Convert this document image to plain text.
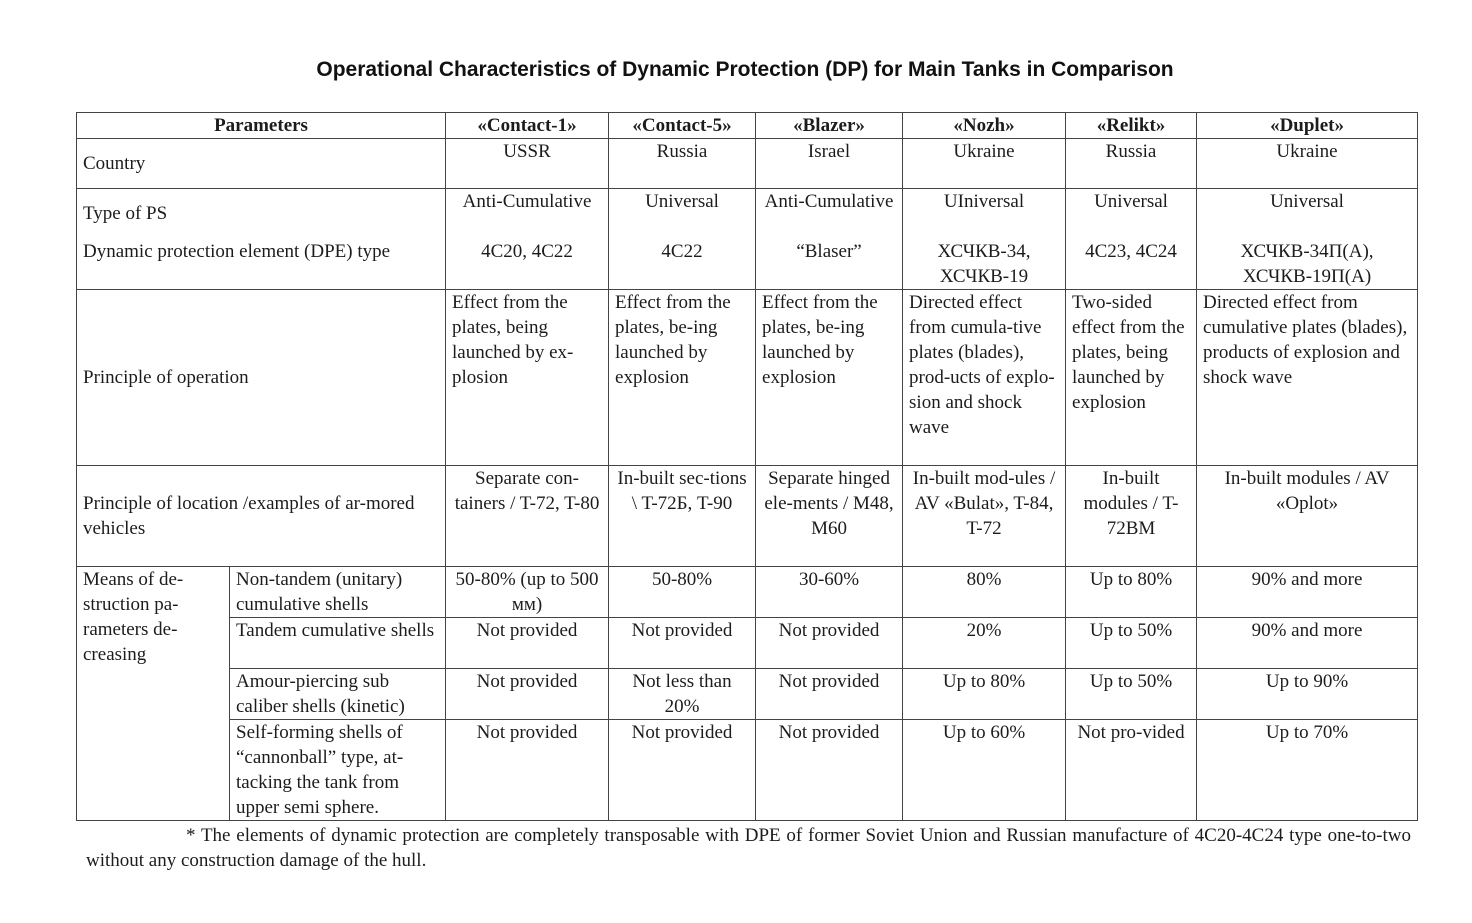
Operational Characteristics of Dynamic Protection (DP) for Main Tanks in Comparison
Parameters		«Contact-1»	«Contact-5»	«Blazer»	«Nozh»	«Relikt»	«Duplet»
Country		USSR	Russia	Israel	Ukraine	Russia	Ukraine
Type of PS		Anti-Cumulative	Universal	Anti-Cumulative	UIniversal	Universal	Universal
Dynamic protection element (DPE) type		4C20, 4C22	4C22	“Blaser”	ХСЧКВ-34, ХСЧКВ-19	4C23, 4C24	ХСЧКВ-34П(А), ХСЧКВ-19П(А)
Principle of operation		Effect from the plates, being launched by ex-plosion	Effect from the plates, be-ing launched by explosion	Effect from the plates, be-ing launched by explosion	Directed effect from cumula-tive plates (blades), prod-ucts of explo-sion and shock wave	Two-sided effect from the plates, being launched by explosion	Directed effect from cumulative plates (blades), products of explosion and shock wave
Principle of location /examples of ar-mored vehicles		Separate con-tainers / T-72, T-80	In-built sec-tions \ T-72Б, T-90	Separate hinged ele-ments / M48, M60	In-built mod-ules / AV «Bulat», T-84, T-72	In-built modules / T-72BM	In-built modules / AV «Oplot»
Means of de-struction pa-rameters de-creasing	Non-tandem (unitary) cumulative shells	50-80% (up to 500 мм)	50-80%	30-60%	80%	Up to 80%	90% and more
	Tandem cumulative shells	Not provided	Not provided	Not provided	20%	Up to 50%	90% and more
	Amour-piercing sub caliber shells (kinetic)	Not provided	Not less than 20%	Not provided	Up to 80%	Up to 50%	Up to 90%
	Self-forming shells of “cannonball” type, at-tacking the tank from upper semi sphere.	Not provided	Not provided	Not provided	Up to 60%	Not pro-vided	Up to 70%
* The elements of dynamic protection are completely transposable with DPE of former Soviet Union and Russian manufacture of 4C20-4C24 type one-to-two without any construction damage of the hull.
